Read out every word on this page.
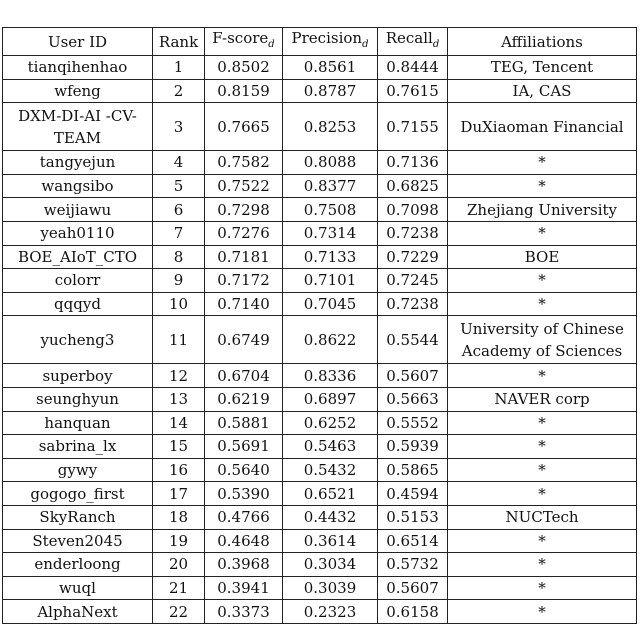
User ID	Rank	F-score$_d$	Precision$_d$	Recall$_d$	Affiliations
tianqihenhao	1	0.8502	0.8561	0.8444	TEG, Tencent
wfeng	2	0.8159	0.8787	0.7615	IA, CAS
DXM-DI-AI -CV-TEAM	3	0.7665	0.8253	0.7155	DuXiaoman Financial
tangyejun	4	0.7582	0.8088	0.7136	*
wangsibo	5	0.7522	0.8377	0.6825	*
weijiawu	6	0.7298	0.7508	0.7098	Zhejiang University
yeah0110	7	0.7276	0.7314	0.7238	*
BOE_AIoT_CTO	8	0.7181	0.7133	0.7229	BOE
colorr	9	0.7172	0.7101	0.7245	*
qqqyd	10	0.7140	0.7045	0.7238	*
yucheng3	11	0.6749	0.8622	0.5544	University of Chinese Academy of Sciences
superboy	12	0.6704	0.8336	0.5607	*
seunghyun	13	0.6219	0.6897	0.5663	NAVER corp
hanquan	14	0.5881	0.6252	0.5552	*
sabrina_lx	15	0.5691	0.5463	0.5939	*
gywy	16	0.5640	0.5432	0.5865	*
gogogo_first	17	0.5390	0.6521	0.4594	*
SkyRanch	18	0.4766	0.4432	0.5153	NUCTech
Steven2045	19	0.4648	0.3614	0.6514	*
enderloong	20	0.3968	0.3034	0.5732	*
wuql	21	0.3941	0.3039	0.5607	*
AlphaNext	22	0.3373	0.2323	0.6158	*
